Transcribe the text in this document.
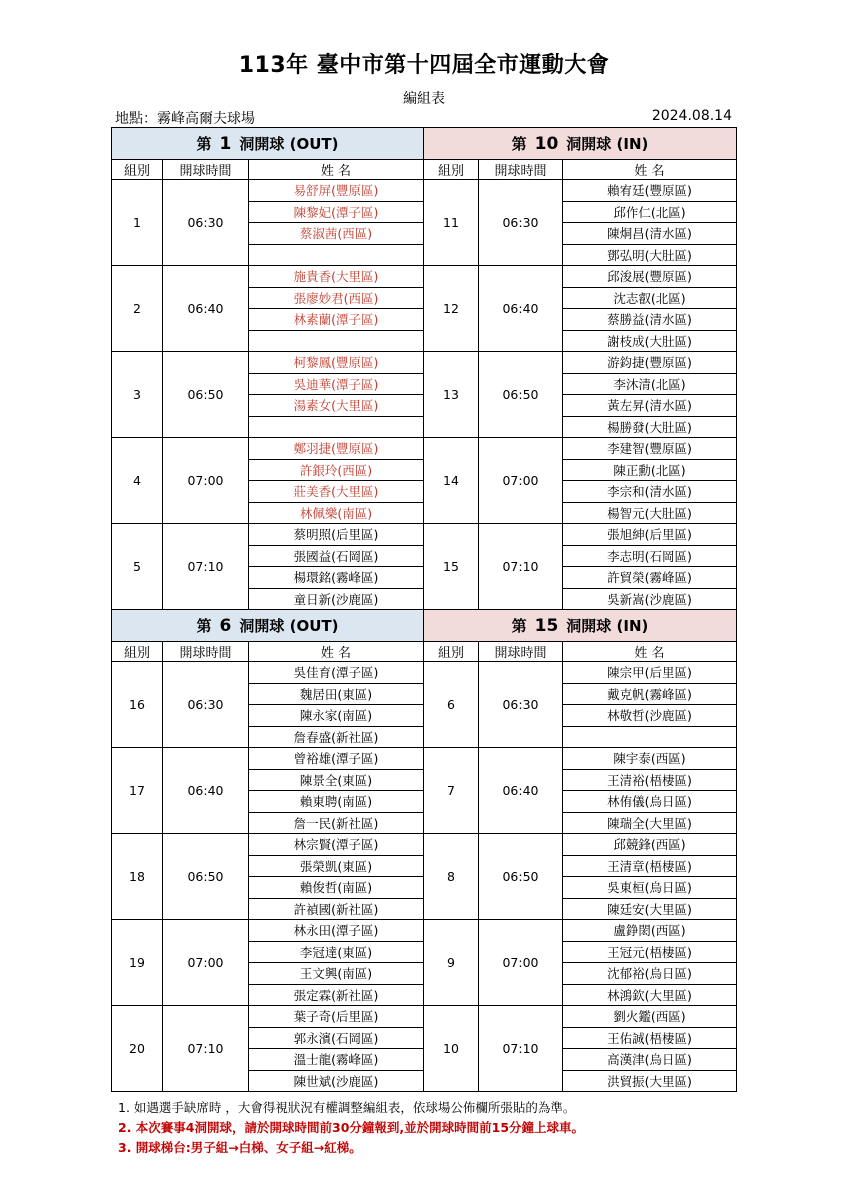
113年 臺中市第十四屆全市運動大會
編組表
地點：霧峰高爾夫球場	2024.08.14
第 1 洞開球 (OUT)			第 10 洞開球 (IN)		
組別	開球時間	姓 名	組別	開球時間	姓 名
1	06:30	易舒屏(豐原區)	11	06:30	賴宥廷(豐原區)
		陳黎妃(潭子區)			邱作仁(北區)
		蔡淑茜(西區)			陳烔昌(清水區)
					鄧弘明(大肚區)
2	06:40	施貴香(大里區)	12	06:40	邱浚展(豐原區)
		張廖妙君(西區)			沈志叡(北區)
		林素蘭(潭子區)			蔡勝益(清水區)
					謝枝成(大肚區)
3	06:50	柯黎鳳(豐原區)	13	06:50	游鈞捷(豐原區)
		吳迪華(潭子區)			李沐清(北區)
		湯素女(大里區)			黃左昇(清水區)
					楊勝發(大肚區)
4	07:00	鄭羽捷(豐原區)	14	07:00	李建智(豐原區)
		許銀玲(西區)			陳正勳(北區)
		莊美香(大里區)			李宗和(清水區)
		林佩樂(南區)			楊智元(大肚區)
5	07:10	蔡明照(后里區)	15	07:10	張旭紳(后里區)
		張國益(石岡區)			李志明(石岡區)
		楊環銘(霧峰區)			許貿榮(霧峰區)
		童日新(沙鹿區)			吳新嵩(沙鹿區)
第 6 洞開球 (OUT)			第 15 洞開球 (IN)		
組別	開球時間	姓 名	組別	開球時間	姓 名
16	06:30	吳佳育(潭子區)	6	06:30	陳宗甲(后里區)
		魏居田(東區)			戴克帆(霧峰區)
		陳永家(南區)			林敬哲(沙鹿區)
		詹春盛(新社區)			
17	06:40	曾裕雄(潭子區)	7	06:40	陳宇泰(西區)
		陳景全(東區)			王清裕(梧棲區)
		賴東聘(南區)			林侑儀(烏日區)
		詹一民(新社區)			陳瑞全(大里區)
18	06:50	林宗賢(潭子區)	8	06:50	邱競鋒(西區)
		張榮凱(東區)			王清章(梧棲區)
		賴俊哲(南區)			吳東桓(烏日區)
		許禎國(新社區)			陳廷安(大里區)
19	07:00	林永田(潭子區)	9	07:00	盧錚閎(西區)
		李冠達(東區)			王冠元(梧棲區)
		王文興(南區)			沈郁裕(烏日區)
		張定霖(新社區)			林鴻欽(大里區)
20	07:10	葉子奇(后里區)	10	07:10	劉火鑑(西區)
		郭永濱(石岡區)			王佑誠(梧棲區)
		溫士龍(霧峰區)			高漢津(烏日區)
		陳世斌(沙鹿區)			洪貿振(大里區)
1. 如遇選手缺席時 ，大會得視狀況有權調整編組表，依球場公佈欄所張貼的為準。
2. 本次賽事4洞開球，請於開球時間前30分鐘報到,並於開球時間前15分鐘上球車。
3. 開球梯台:男子組→白梯、女子組→紅梯。
